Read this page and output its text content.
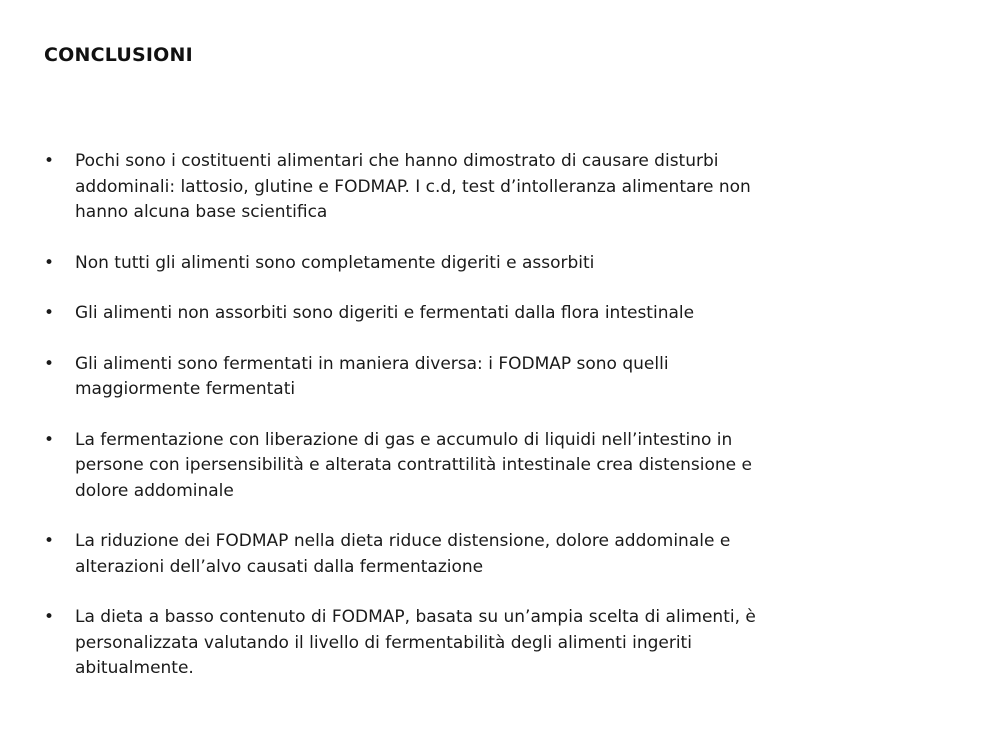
CONCLUSIONI
• Pochi sono i costituenti alimentari che hanno dimostrato di causare disturbi addominali: lattosio, glutine e FODMAP. I c.d, test d’intolleranza alimentare non hanno alcuna base scientifica
• Non tutti gli alimenti sono completamente digeriti e assorbiti
• Gli alimenti non assorbiti sono digeriti e fermentati dalla flora intestinale
• Gli alimenti sono fermentati in maniera diversa: i FODMAP sono quelli maggiormente fermentati
• La fermentazione con liberazione di gas e accumulo di liquidi nell’intestino in persone con ipersensibilità e alterata contrattilità intestinale crea distensione e dolore addominale
• La riduzione dei FODMAP nella dieta riduce distensione, dolore addominale e alterazioni dell’alvo causati dalla fermentazione
• La dieta a basso contenuto di FODMAP, basata su un’ampia scelta di alimenti, è personalizzata valutando il livello di fermentabilità degli alimenti ingeriti abitualmente.
